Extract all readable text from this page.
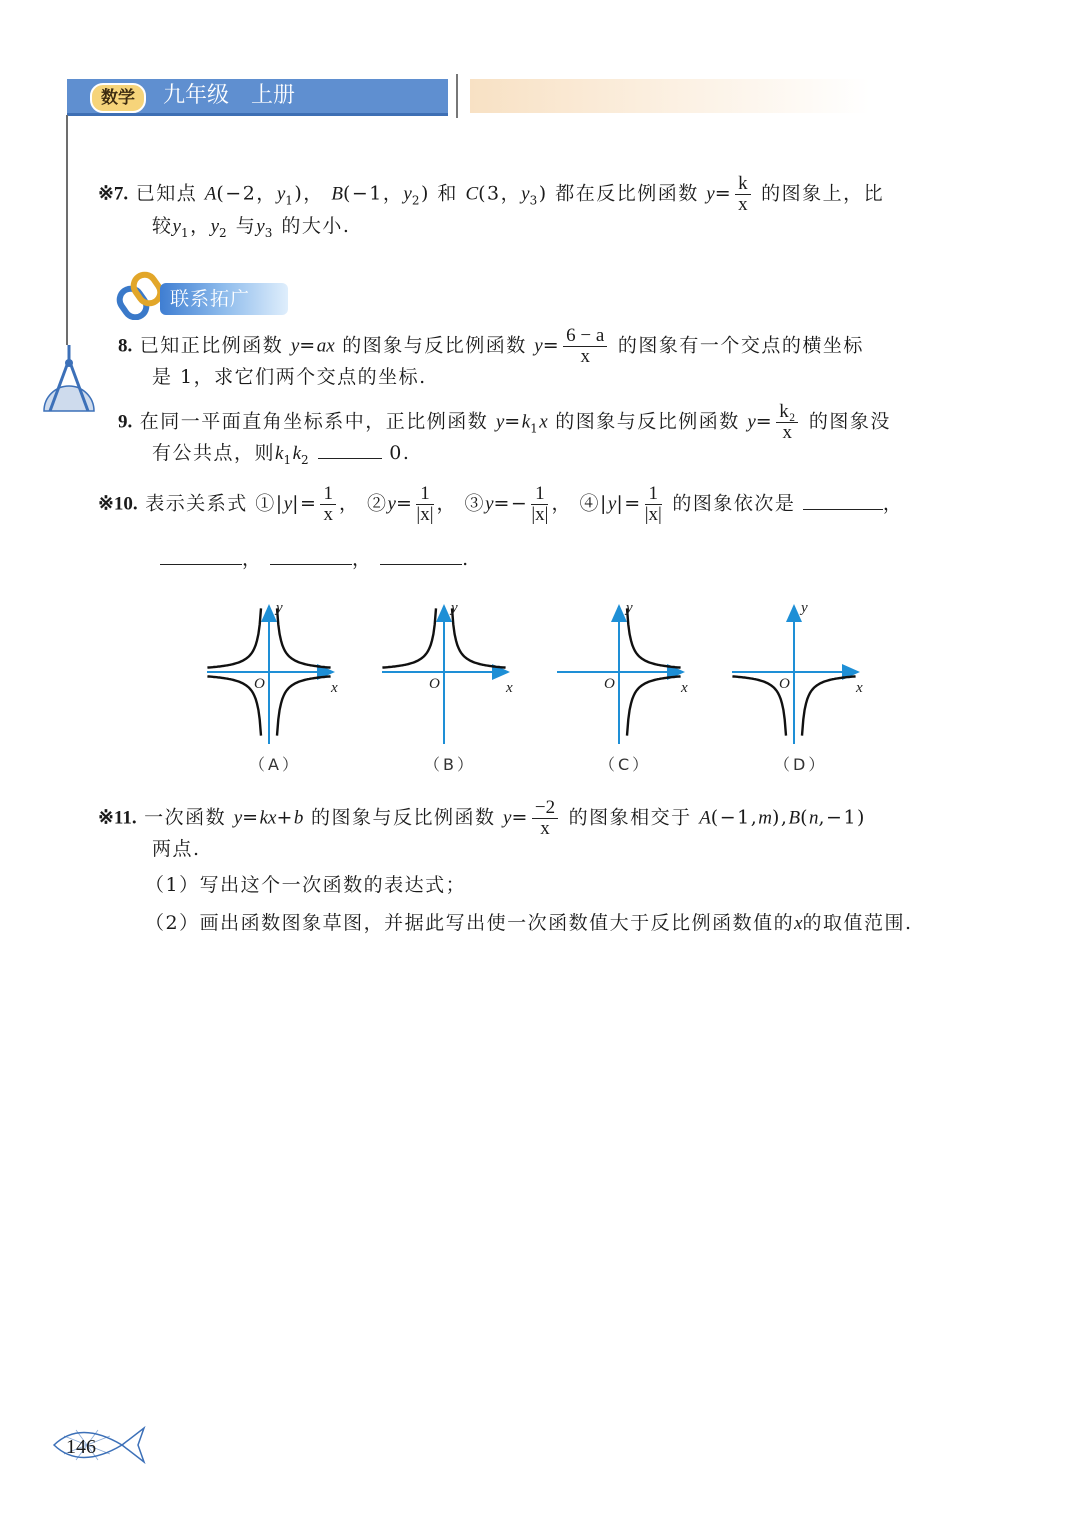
数学	九年级　上册
※7. 已知点 A(−2，$y_1$)， B(−1，$y_2$) 和 C(3，$y_3$) 都在反比例函数 $y= \frac{k}{x}$ 的图象上，比
较$y_1$，$y_2$ 与$y_3$ 的大小.
联系拓广
8. 已知正比例函数 y=ax 的图象与反比例函数 $y= \frac{6 - a}{x}$ 的图象有一个交点的横坐标
是 1，求它们两个交点的坐标.
9. 在同一平面直角坐标系中，正比例函数 $y=k_1x$ 的图象与反比例函数 $y= \frac{\text{k₂}}{x}$ 的图象没
有公共点，则$k_1k_2$	0.
※10. 表示关系式 ①|y|= $\frac{1}{x}$ ， ②y= $\frac{1}{|x|}$ ， ③y=− $\frac{1}{|x|}$ ， ④|y|= $\frac{1}{|x|}$ 的图象依次是	，
，	，	.
y
x
O
y
x
O
y
x
O
y
x
O
（A）	（B）	（C）	（D）
※11. 一次函数 y=kx+b 的图象与反比例函数 $y= \frac{-2}{x}$ 的图象相交于 A(−1,m),B(n,−1)
两点.
（1）写出这个一次函数的表达式；
（2）画出函数图象草图，并据此写出使一次函数值大于反比例函数值的x的取值范围.
146
